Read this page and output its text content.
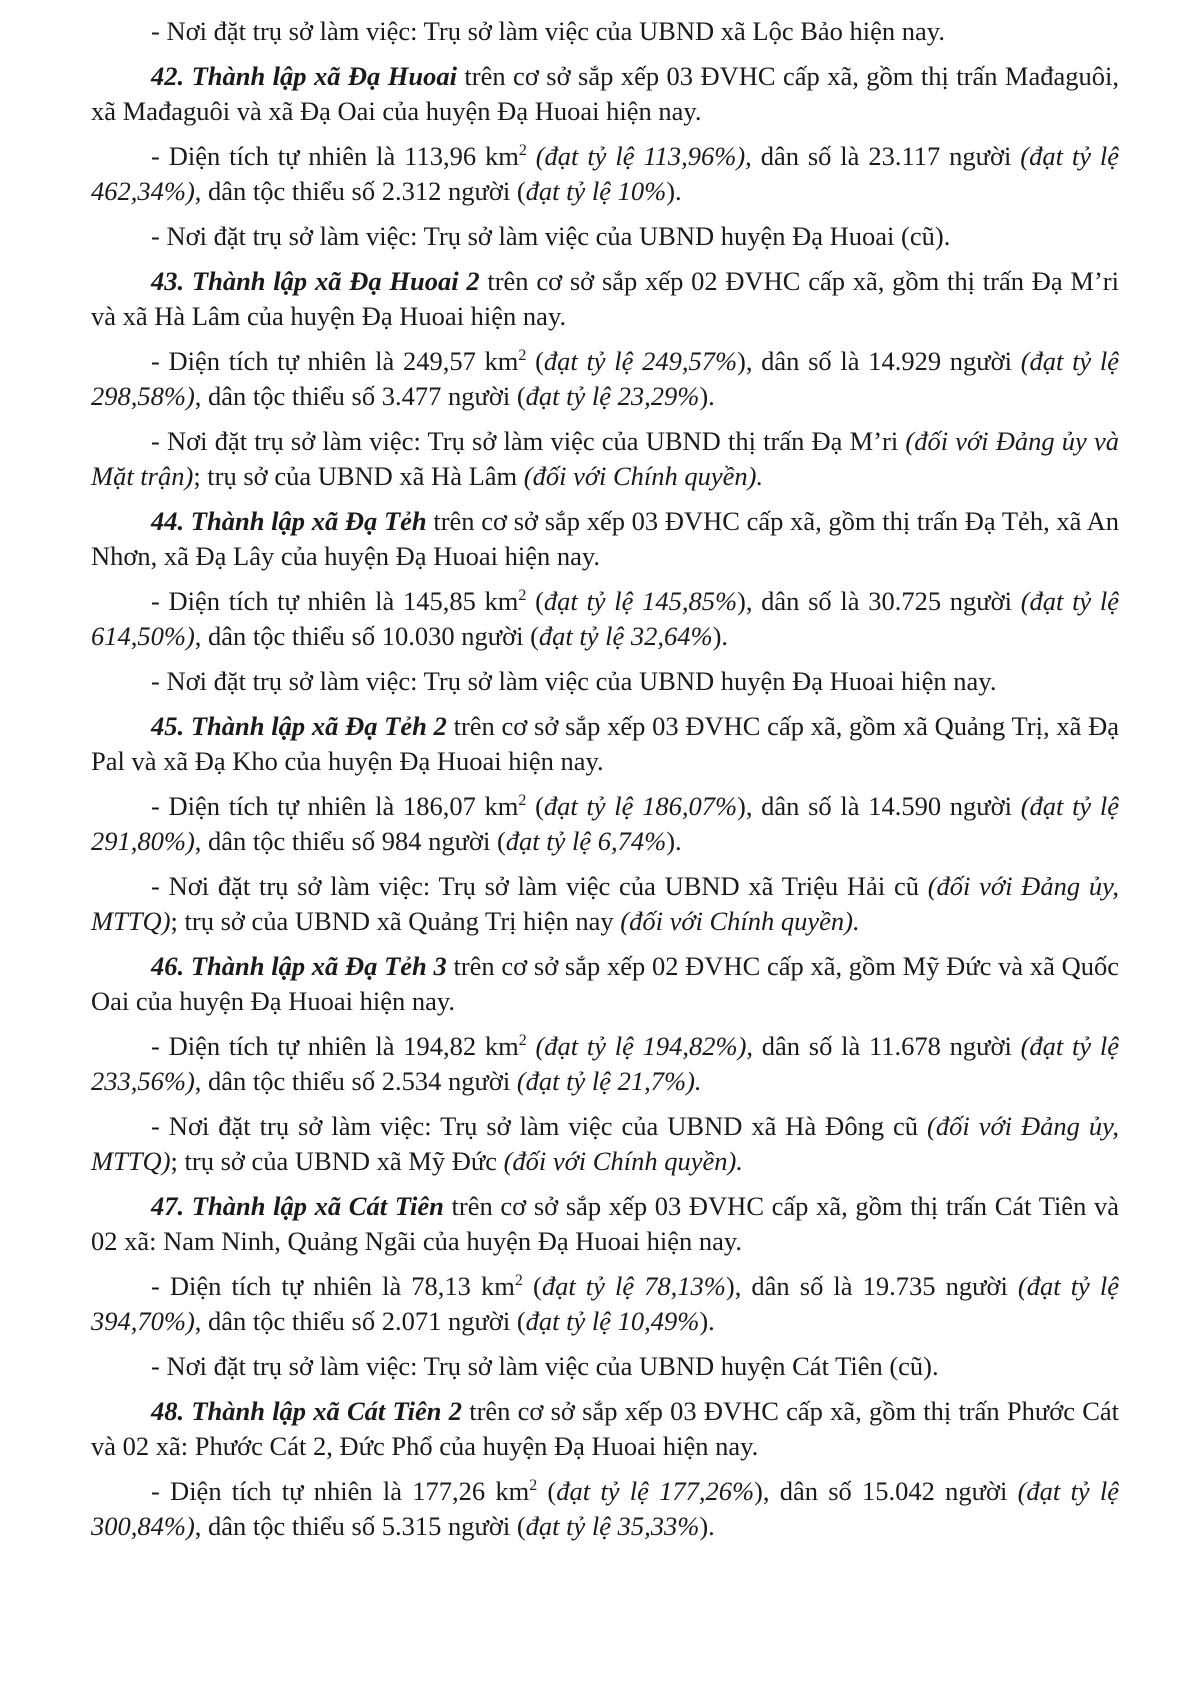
- Nơi đặt trụ sở làm việc: Trụ sở làm việc của UBND xã Lộc Bảo hiện nay.

42. Thành lập xã Đạ Huoai trên cơ sở sắp xếp 03 ĐVHC cấp xã, gồm thị trấn Mađaguôi, xã Mađaguôi và xã Đạ Oai của huyện Đạ Huoai hiện nay.

- Diện tích tự nhiên là 113,96 $km^2$ (đạt tỷ lệ 113,96%), dân số là 23.117 người (đạt tỷ lệ 462,34%), dân tộc thiểu số 2.312 người (đạt tỷ lệ 10%).

- Nơi đặt trụ sở làm việc: Trụ sở làm việc của UBND huyện Đạ Huoai (cũ).

43. Thành lập xã Đạ Huoai 2 trên cơ sở sắp xếp 02 ĐVHC cấp xã, gồm thị trấn Đạ M’ri và xã Hà Lâm của huyện Đạ Huoai hiện nay.

- Diện tích tự nhiên là 249,57 $km^2$ (đạt tỷ lệ 249,57%), dân số là 14.929 người (đạt tỷ lệ 298,58%), dân tộc thiểu số 3.477 người (đạt tỷ lệ 23,29%).

- Nơi đặt trụ sở làm việc: Trụ sở làm việc của UBND thị trấn Đạ M’ri (đối với Đảng ủy và Mặt trận); trụ sở của UBND xã Hà Lâm (đối với Chính quyền).

44. Thành lập xã Đạ Tẻh trên cơ sở sắp xếp 03 ĐVHC cấp xã, gồm thị trấn Đạ Tẻh, xã An Nhơn, xã Đạ Lây của huyện Đạ Huoai hiện nay.

- Diện tích tự nhiên là 145,85 $km^2$ (đạt tỷ lệ 145,85%), dân số là 30.725 người (đạt tỷ lệ 614,50%), dân tộc thiểu số 10.030 người (đạt tỷ lệ 32,64%).

- Nơi đặt trụ sở làm việc: Trụ sở làm việc của UBND huyện Đạ Huoai hiện nay.

45. Thành lập xã Đạ Tẻh 2 trên cơ sở sắp xếp 03 ĐVHC cấp xã, gồm xã Quảng Trị, xã Đạ Pal và xã Đạ Kho của huyện Đạ Huoai hiện nay.

- Diện tích tự nhiên là 186,07 $km^2$ (đạt tỷ lệ 186,07%), dân số là 14.590 người (đạt tỷ lệ 291,80%), dân tộc thiểu số 984 người (đạt tỷ lệ 6,74%).

- Nơi đặt trụ sở làm việc: Trụ sở làm việc của UBND xã Triệu Hải cũ (đối với Đảng ủy, MTTQ); trụ sở của UBND xã Quảng Trị hiện nay (đối với Chính quyền).

46. Thành lập xã Đạ Tẻh 3 trên cơ sở sắp xếp 02 ĐVHC cấp xã, gồm Mỹ Đức và xã Quốc Oai của huyện Đạ Huoai hiện nay.

- Diện tích tự nhiên là 194,82 $km^2$ (đạt tỷ lệ 194,82%), dân số là 11.678 người (đạt tỷ lệ 233,56%), dân tộc thiểu số 2.534 người (đạt tỷ lệ 21,7%).

- Nơi đặt trụ sở làm việc: Trụ sở làm việc của UBND xã Hà Đông cũ (đối với Đảng ủy, MTTQ); trụ sở của UBND xã Mỹ Đức (đối với Chính quyền).

47. Thành lập xã Cát Tiên trên cơ sở sắp xếp 03 ĐVHC cấp xã, gồm thị trấn Cát Tiên và 02 xã: Nam Ninh, Quảng Ngãi của huyện Đạ Huoai hiện nay.

- Diện tích tự nhiên là 78,13 $km^2$ (đạt tỷ lệ 78,13%), dân số là 19.735 người (đạt tỷ lệ 394,70%), dân tộc thiểu số 2.071 người (đạt tỷ lệ 10,49%).

- Nơi đặt trụ sở làm việc: Trụ sở làm việc của UBND huyện Cát Tiên (cũ).

48. Thành lập xã Cát Tiên 2 trên cơ sở sắp xếp 03 ĐVHC cấp xã, gồm thị trấn Phước Cát và 02 xã: Phước Cát 2, Đức Phổ của huyện Đạ Huoai hiện nay.

- Diện tích tự nhiên là 177,26 $km^2$ (đạt tỷ lệ 177,26%), dân số 15.042 người (đạt tỷ lệ 300,84%), dân tộc thiểu số 5.315 người (đạt tỷ lệ 35,33%).
